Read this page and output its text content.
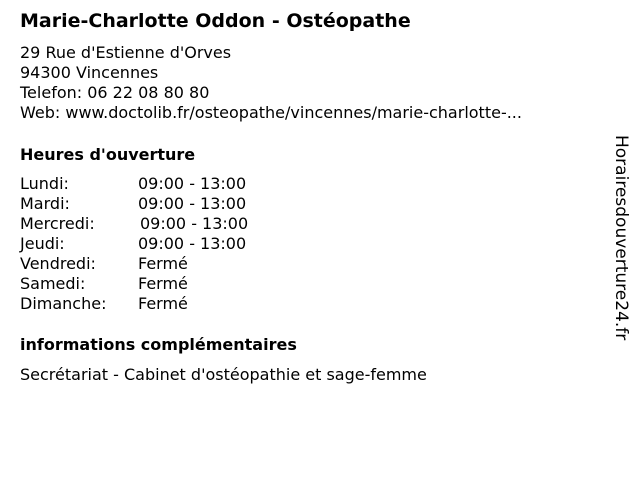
Marie-Charlotte Oddon - Ostéopathe
29 Rue d'Estienne d'Orves
94300 Vincennes
Telefon: 06 22 08 80 80
Web: www.doctolib.fr/osteopathe/vincennes/marie-charlotte-...
Heures d'ouverture
Lundi:	09:00 - 13:00
Mardi:	09:00 - 13:00
Mercredi:	09:00 - 13:00
Jeudi:	09:00 - 13:00
Vendredi:	Fermé
Samedi:	Fermé
Dimanche: Fermé
informations complémentaires
Secrétariat - Cabinet d'ostéopathie et sage-femme
Horairesdouverture24.fr
